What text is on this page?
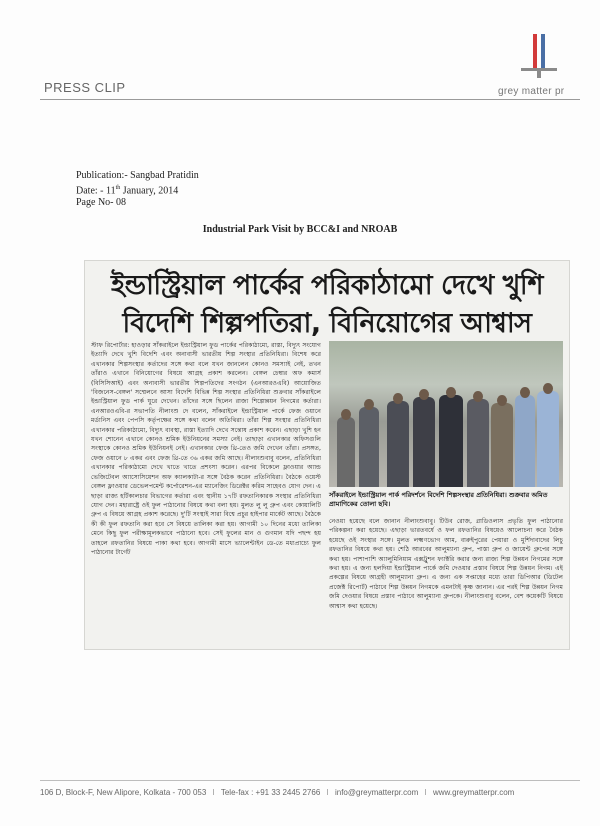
PRESS CLIP	grey matter pr
Publication:- Sangbad Pratidin
Date: - 11th January, 2014
Page No- 08
Industrial Park Visit by BCC&I and NROAB
ইন্ডাস্ট্রিয়াল পার্কের পরিকাঠামো দেখে খুশি
বিদেশি শিল্পপতিরা, বিনিয়োগের আশ্বাস
স্টাফ রিপোর্টার: হাওড়ার সাঁকরাইলে ইন্ডাস্ট্রিয়াল ফুড পার্কের পরিকাঠামো, রাস্তা, বিদ্যুৎ সংযোগ ইত্যাদি দেখে খুশি বিদেশি এবং অনাবাসী ভারতীয় শিল্প সংস্থার প্রতিনিধিরা। বিশেষ করে এখানকার শিল্পসংস্থার কর্তাদের সঙ্গে কথা বলে যখন জানলেন কোনও সমস্যাই নেই, তখন তাঁরাও এখানে বিনিয়োগের বিষয়ে আগ্রহ প্রকাশ করলেন। বেঙ্গল চেম্বার অফ কমার্স (বিসিসিআই) এবং অনাবাসী ভারতীয় শিল্পপতিদের সংগঠন (এনআরওএবি) আয়োজিত 'বিজনেস-বেঙ্গল' সম্মেলনে আসা বিদেশি বিভিন্ন শিল্প সংস্থার প্রতিনিধিরা শুক্রবার সাঁকরাইলে ইন্ডাস্ট্রিয়াল ফুড পার্ক ঘুরে দেখেন। তাঁদের সঙ্গে ছিলেন রাজ্য শিল্পোন্নয়ন নিগমের কর্তারা। এনআরওএবি-র সভাপতি নীলাংশু দে বলেন, সাঁকরাইলে ইন্ডাস্ট্রিয়াল পার্কে ফেজ ওয়ানে মর্ডানিস এবং পেপসি কর্তৃপক্ষের সঙ্গে কথা বলেন অতিথিরা। তাঁরা শিল্প সংস্থার প্রতিনিধিরা এখানকার পরিকাঠামো, বিদ্যুৎ ব্যবস্থা, রাস্তা ইত্যাদি দেখে সন্তোষ প্রকাশ করেন। এছাড়া খুশি হন যখন শোনেন এখানে কোনও শ্রমিক ইউনিয়নের সমস্যা নেই। তাছাড়া এখানকার অফিসগুলি সংস্থাকে কোনও শ্রমিক ইউনিয়নই নেই। এখানকার ফেজ থ্রি-তেও জমি দেখেন তাঁরা। প্রসঙ্গত, ফেজ ওয়ানে ৮ একর এবং ফেজ থ্রি-তে ৩৬ একর জমি আছে। নীলাংশুবাবু বলেন, প্রতিনিধিরা এখানকার পরিকাঠামো দেখে খাতে খাতে প্রশংসা করেন। এরপর বিকেলে ফ্লাওয়ার অ্যান্ড ভেজিটেবল অ্যাসোসিয়েশন অফ ক্যালকাটা-র সঙ্গে বৈঠক করেন প্রতিনিধিরা। বৈঠকে ওয়েস্ট বেঙ্গল ফ্লাওয়ার ডেভেলপমেন্ট কর্পোরেশন-এর ম্যানেজিং ডিরেক্টর করিম সাহেবও যোগ দেন। এ ছাড়া রাজ্য হর্টিকালচার বিভাগের কর্তারা এবং স্থানীয় ১৭টি রফতানিকারক সংস্থার প্রতিনিধিরা যোগ দেন। মহারাষ্ট্রে ওই ফুল পাঠানোর বিষয়ে কথা বলা হয়। মুলত লু লু গ্রুপ এবং কোয়ালিটি গ্রুপ এ বিষয়ে আগ্রহ প্রকাশ করেছে। দু'টি সংস্থাই সারা বিশ্বে প্রচুর হাইপার মার্কেট আছে। বৈঠকে কী কী ফুল রফতানি করা হবে সে বিষয়ে তালিকা করা হয়। আগামী ১০ দিনের মধ্যে তালিকা মেনে কিছু ফুল পরীক্ষামূলকভাবে পাঠানো হবে। সেই ফুলের মান ও গুণমান যদি পছন্দ হয় তাহলে রফতানির বিষয়ে পাকা কথা হবে। আগামী মাসে ভ্যালেন্টাইন ডে-তে মধ্যপ্রাচ্যে ফুল পাঠানোর টার্গেট
সাঁকরাইলে ইন্ডাস্ট্রিয়াল পার্ক পরিদর্শনে বিদেশি শিল্পসংস্থার প্রতিনিধিরা। শুক্রবার অমিত প্রামাণিকের তোলা ছবি।
নেওয়া হয়েছে বলে জানান নীলাংশুবাবু। টিউব রোজ, গ্লাডিওলাস প্রভৃতি ফুল পাঠানোর পরিকল্পনা করা হয়েছে। এছাড়া ভারতবর্ষে ও ফল রফতানির বিষয়েও আলোচনা করে বৈঠক হয়েছে ওই সংস্থার সঙ্গে। মুলত লক্ষ্মণভোগ আম, বারুইপুরের পেয়ারা ও মুর্শিদাবাদের লিচু রফতানির বিষয়ে কথা হয়। শেঠি আরবের আলুম্যানা গ্রুপ, পাস্তা গ্রুপ ও জায়েন্ট গ্রুপের সঙ্গে কথা হয়। পাশাপাশি অ্যালুমিনিয়াম এক্সট্রুশন ফ্যাক্টরি করার জন্য রাজ্য শিল্প উন্নয়ন নিগমের সঙ্গে কথা হয়। এ জন্য হলদিয়া ইন্ডাস্ট্রিয়াল পার্কে জমি দেওয়ার প্রস্তাব বিষয়ে শিল্প উন্নয়ন নিগম। এই প্রকল্পের বিষয়ে আগ্রহী আলুম্যানা গ্রুপ। এ জন্য এক সপ্তাহের মধ্যে তারা ডিপিআর (ডিটেল প্রজেক্ট রিপোর্ট) পাঠাবে শিল্প উন্নয়ন নিগমকে এমনটাই কৃষ্ণ জানান। এর পরই শিল্প উন্নয়ন নিগম জমি দেওয়ার বিষয়ে প্রস্তাব পাঠাবে আলুম্যানা গ্রুপকে। নীলাংশুবাবু বলেন, বেশ কয়েকটি বিষয়ে আশ্বাস কথা হয়েছে।
106 D, Block-F, New Alipore, Kolkata - 700 053 I Tele-fax : +91 33 2445 2766 I info@greymatterpr.com I www.greymatterpr.com
